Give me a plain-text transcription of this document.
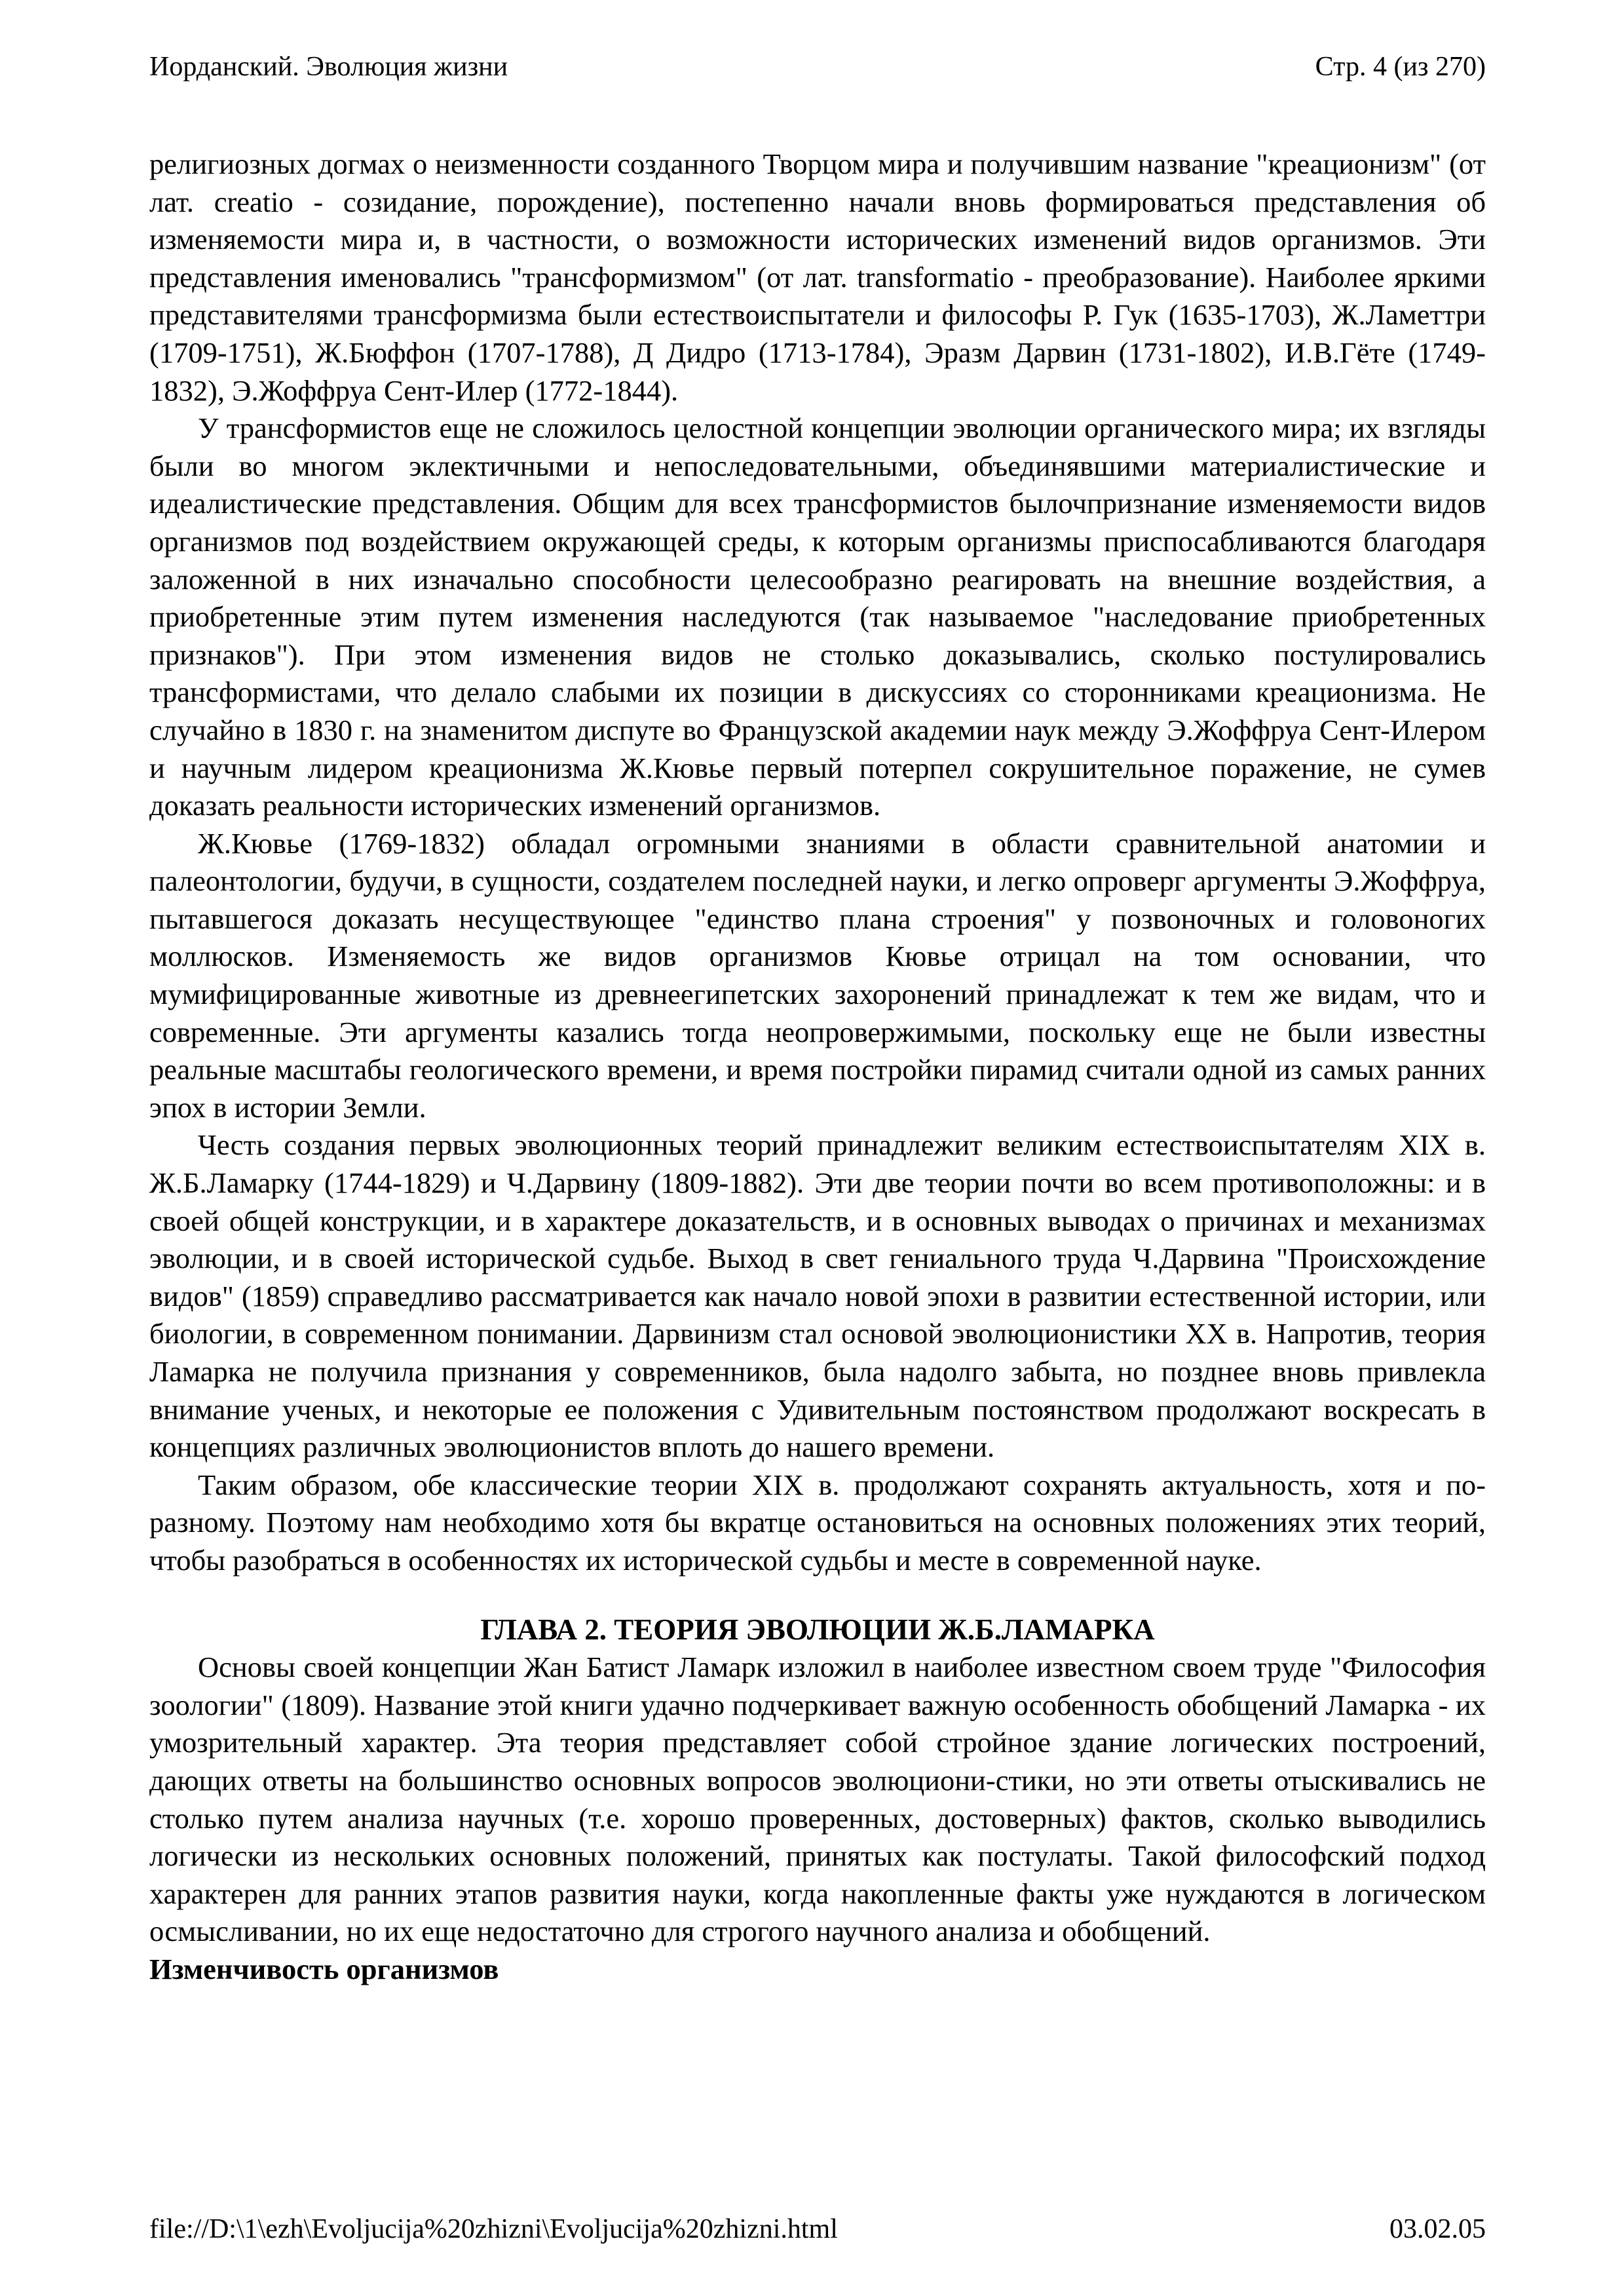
Иорданский. Эволюция жизни	Стр. 4 (из 270)

религиозных догмах о неизменности созданного Творцом мира и получившим название "креационизм" (от лат. creatio - созидание, порождение), постепенно начали вновь формироваться представления об изменяемости мира и, в частности, о возможности исторических изменений видов организмов. Эти представления именовались "трансформизмом" (от лат. transformatio - преобразование). Наиболее яркими представителями трансформизма были естествоиспытатели и философы Р. Гук (1635-1703), Ж.Ламеттри (1709-1751), Ж.Бюффон (1707-1788), Д Дидро (1713-1784), Эразм Дарвин (1731-1802), И.В.Гёте (1749-1832), Э.Жоффруа Сент-Илер (1772-1844).

У трансформистов еще не сложилось целостной концепции эволюции органического мира; их взгляды были во многом эклектичными и непоследовательными, объединявшими материалистические и идеалистические представления. Общим для всех трансформистов былочпризнание изменяемости видов организмов под воздействием окружающей среды, к которым организмы приспосабливаются благодаря заложенной в них изначально способности целесообразно реагировать на внешние воздействия, а приобретенные этим путем изменения наследуются (так называемое "наследование приобретенных признаков"). При этом изменения видов не столько доказывались, сколько постулировались трансформистами, что делало слабыми их позиции в дискуссиях со сторонниками креационизма. Не случайно в 1830 г. на знаменитом диспуте во Французской академии наук между Э.Жоффруа Сент-Илером и научным лидером креационизма Ж.Кювье первый потерпел сокрушительное поражение, не сумев доказать реальности исторических изменений организмов.

Ж.Кювье (1769-1832) обладал огромными знаниями в области сравнительной анатомии и палеонтологии, будучи, в сущности, создателем последней науки, и легко опроверг аргументы Э.Жоффруа, пытавшегося доказать несуществующее "единство плана строения" у позвоночных и головоногих моллюсков. Изменяемость же видов организмов Кювье отрицал на том основании, что мумифицированные животные из древнеегипетских захоронений принадлежат к тем же видам, что и современные. Эти аргументы казались тогда неопровержимыми, поскольку еще не были известны реальные масштабы геологического времени, и время постройки пирамид считали одной из самых ранних эпох в истории Земли.

Честь создания первых эволюционных теорий принадлежит великим естествоиспытателям XIX в. Ж.Б.Ламарку (1744-1829) и Ч.Дарвину (1809-1882). Эти две теории почти во всем противоположны: и в своей общей конструкции, и в характере доказательств, и в основных выводах о причинах и механизмах эволюции, и в своей исторической судьбе. Выход в свет гениального труда Ч.Дарвина "Происхождение видов" (1859) справедливо рассматривается как начало новой эпохи в развитии естественной истории, или биологии, в современном понимании. Дарвинизм стал основой эволюционистики XX в. Напротив, теория Ламарка не получила признания у современников, была надолго забыта, но позднее вновь привлекла внимание ученых, и некоторые ее положения с Удивительным постоянством продолжают воскресать в концепциях различных эволюционистов вплоть до нашего времени.

Таким образом, обе классические теории XIX в. продолжают сохранять актуальность, хотя и по-разному. Поэтому нам необходимо хотя бы вкратце остановиться на основных положениях этих теорий, чтобы разобраться в особенностях их исторической судьбы и месте в современной науке.

ГЛАВА 2. ТЕОРИЯ ЭВОЛЮЦИИ Ж.Б.ЛАМАРКА

Основы своей концепции Жан Батист Ламарк изложил в наиболее известном своем труде "Философия зоологии" (1809). Название этой книги удачно подчеркивает важную особенность обобщений Ламарка - их умозрительный характер. Эта теория представляет собой стройное здание логических построений, дающих ответы на большинство основных вопросов эволюциони-стики, но эти ответы отыскивались не столько путем анализа научных (т.е. хорошо проверенных, достоверных) фактов, сколько выводились логически из нескольких основных положений, принятых как постулаты. Такой философский подход характерен для ранних этапов развития науки, когда накопленные факты уже нуждаются в логическом осмысливании, но их еще недостаточно для строгого научного анализа и обобщений.

Изменчивость организмов

file://D:\1\ezh\Evoljucija%20zhizni\Evoljucija%20zhizni.html	03.02.05
